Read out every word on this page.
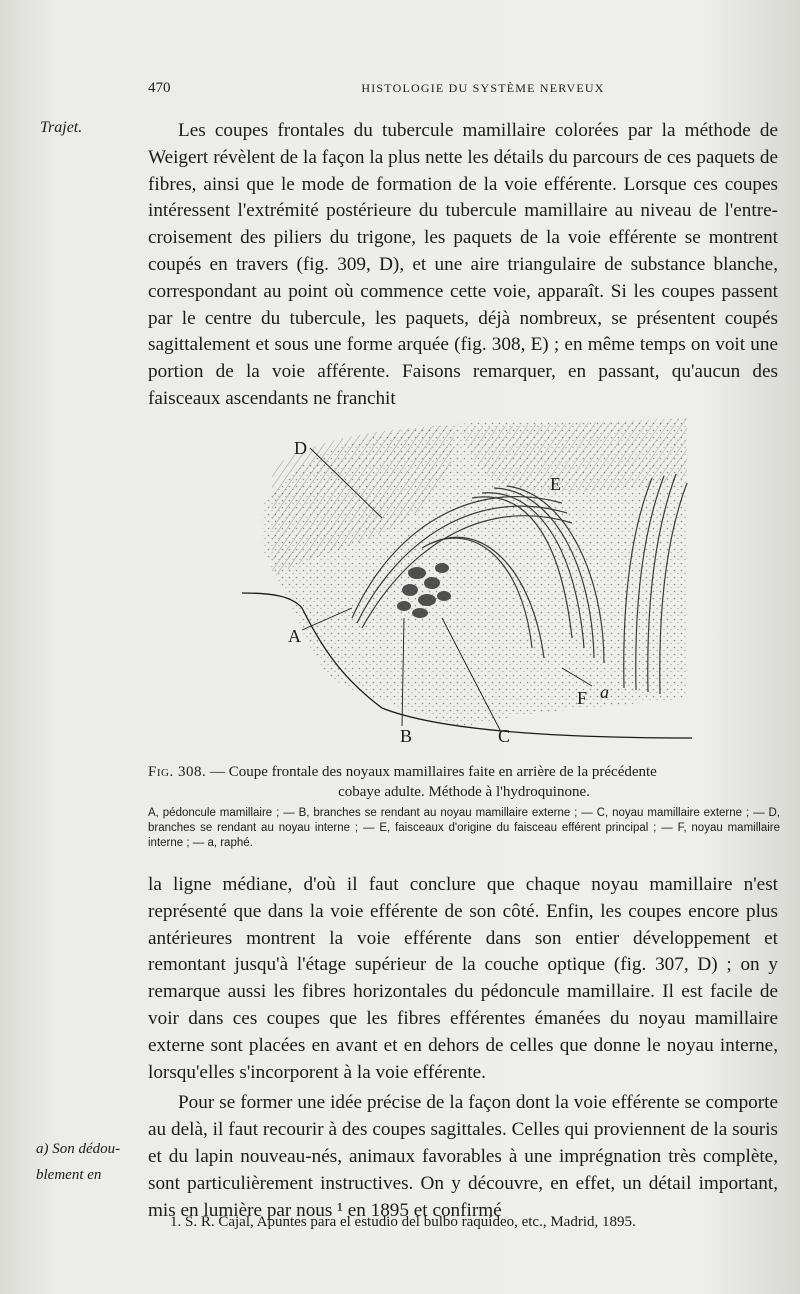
470	HISTOLOGIE DU SYSTÈME NERVEUX
Trajet.	Les coupes frontales du tubercule mamillaire colorées par la méthode de Weigert révèlent de la façon la plus nette les détails du parcours de ces paquets de fibres, ainsi que le mode de formation de la voie efférente. Lorsque ces coupes intéressent l'extrémité postérieure du tubercule mamillaire au niveau de l'entre-croisement des piliers du trigone, les paquets de la voie efférente se montrent coupés en travers (fig. 309, D), et une aire triangulaire de substance blanche, correspondant au point où commence cette voie, apparaît. Si les coupes passent par le centre du tubercule, les paquets, déjà nombreux, se présentent coupés sagittalement et sous une forme arquée (fig. 308, E) ; en même temps on voit une portion de la voie afférente. Faisons remarquer, en passant, qu'aucun des faisceaux ascendants ne franchit

D
E
A
F a
B	C

Fig. 308. — Coupe frontale des noyaux mamillaires faite en arrière de la précédente

cobaye adulte. Méthode à l'hydroquinone.

A, pédoncule mamillaire ; — B, branches se rendant au noyau mamillaire externe ; — C, noyau mamillaire externe ; — D, branches se rendant au noyau interne ; — E, faisceaux d'origine du faisceau efférent principal ; — F, noyau mamillaire interne ; — a, raphé.

la ligne médiane, d'où il faut conclure que chaque noyau mamillaire n'est représenté que dans la voie efférente de son côté. Enfin, les coupes encore plus antérieures montrent la voie efférente dans son entier développement et remontant jusqu'à l'étage supérieur de la couche optique (fig. 307, D) ; on y remarque aussi les fibres horizontales du pédoncule mamillaire. Il est facile de voir dans ces coupes que les fibres efférentes émanées du noyau mamillaire externe sont placées en avant et en dehors de celles que donne le noyau interne, lorsqu'elles s'incorporent à la voie efférente.

Pour se former une idée précise de la façon dont la voie efférente se comporte au delà, il faut recourir à des coupes sagittales. Celles qui proviennent de la souris et du lapin nouveau-nés, animaux favorables à une imprégnation très complète, sont particulièrement instructives. On y découvre, en effet, un détail important, mis en lumière par nous ¹ en 1895 et confirmé

a) Son dédou-
blement en
1. S. R. Cajal, Apuntes para el estudio del bulbo raquídeo, etc., Madrid, 1895.
